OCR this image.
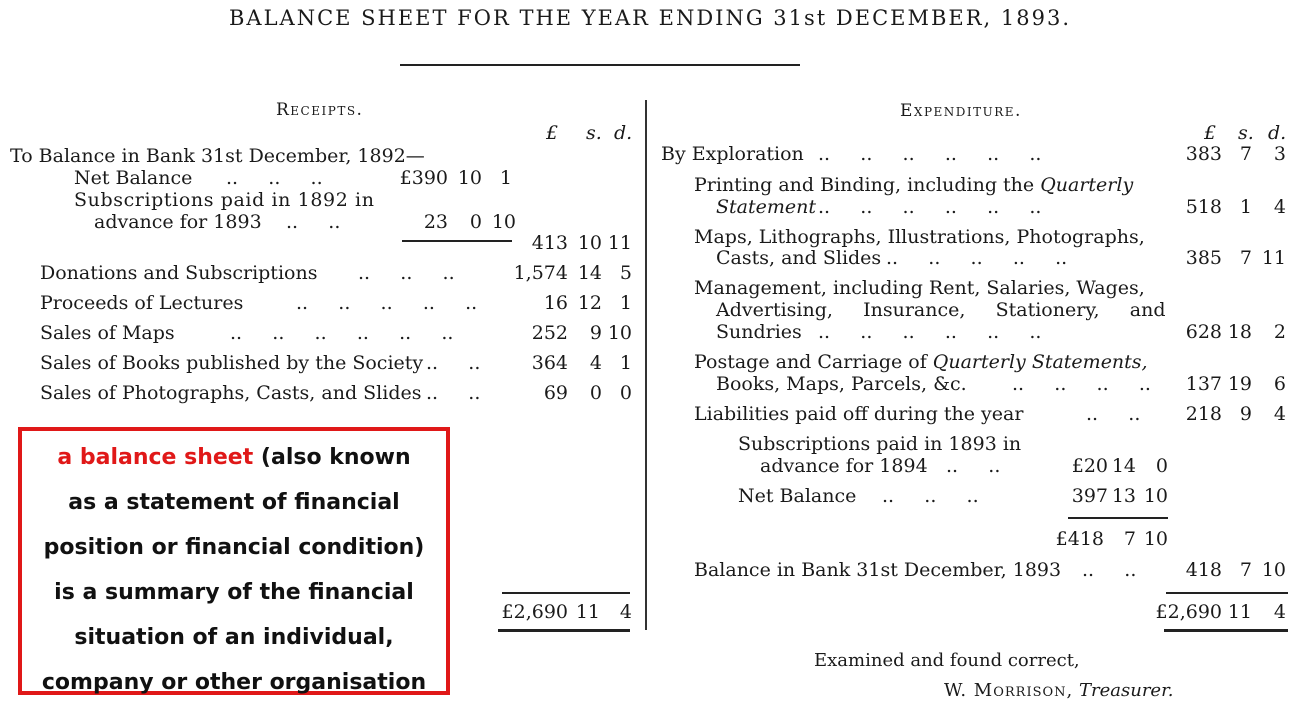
BALANCE SHEET FOR THE YEAR ENDING 31st DECEMBER, 1893.
Receipts.
£ s. d.
To Balance in Bank 31st December, 1892—
Net Balance ..     ..     ..	£390 10 1
Subscriptions paid in 1892 in
advance for 1893 ..     ..	23	0 10
413 10 11
Donations and Subscriptions ..     ..     ..	1,574 14 5
Proceeds of Lectures	..     ..     ..     ..     ..	16 12 1
Sales of Maps	..     ..     ..     ..     ..     ..	252	9 10
Sales of Books published by the Society ..     ..	364	4 1
Sales of Photographs, Casts, and Slides ..     ..	69	0 0
£2,690 11	4
Expenditure.
£ s. d.
By Exploration ..     ..     ..     ..     ..     ..	383 7	3
Printing and Binding, including the Quarterly
Statement ..     ..     ..     ..     ..     ..	518 1	4
Maps, Lithographs, Illustrations, Photographs,
Casts, and Slides ..     ..     ..     ..     ..	385 7 11
Management, including Rent, Salaries, Wages,
Advertising,     Insurance,     Stationery,     and
Sundries ..     ..     ..     ..     ..     ..	628 18	2
Postage and Carriage of Quarterly Statements,
Books, Maps, Parcels, &c. ..     ..     ..     ..	137 19	6
Liabilities paid off during the year	..     ..	218 9	4
Subscriptions paid in 1893 in
advance for 1894 ..     ..	£20 14	0
Net Balance ..     ..     ..	397 13 10
£418	7 10
Balance in Bank 31st December, 1893 ..     ..	418 7 10
£2,690 11	4
Examined and found correct,
W. Morrison, Treasurer.
a balance sheet (also known
as a statement of financial
position or financial condition)
is a summary of the financial
situation of an individual,
company or other organisation
